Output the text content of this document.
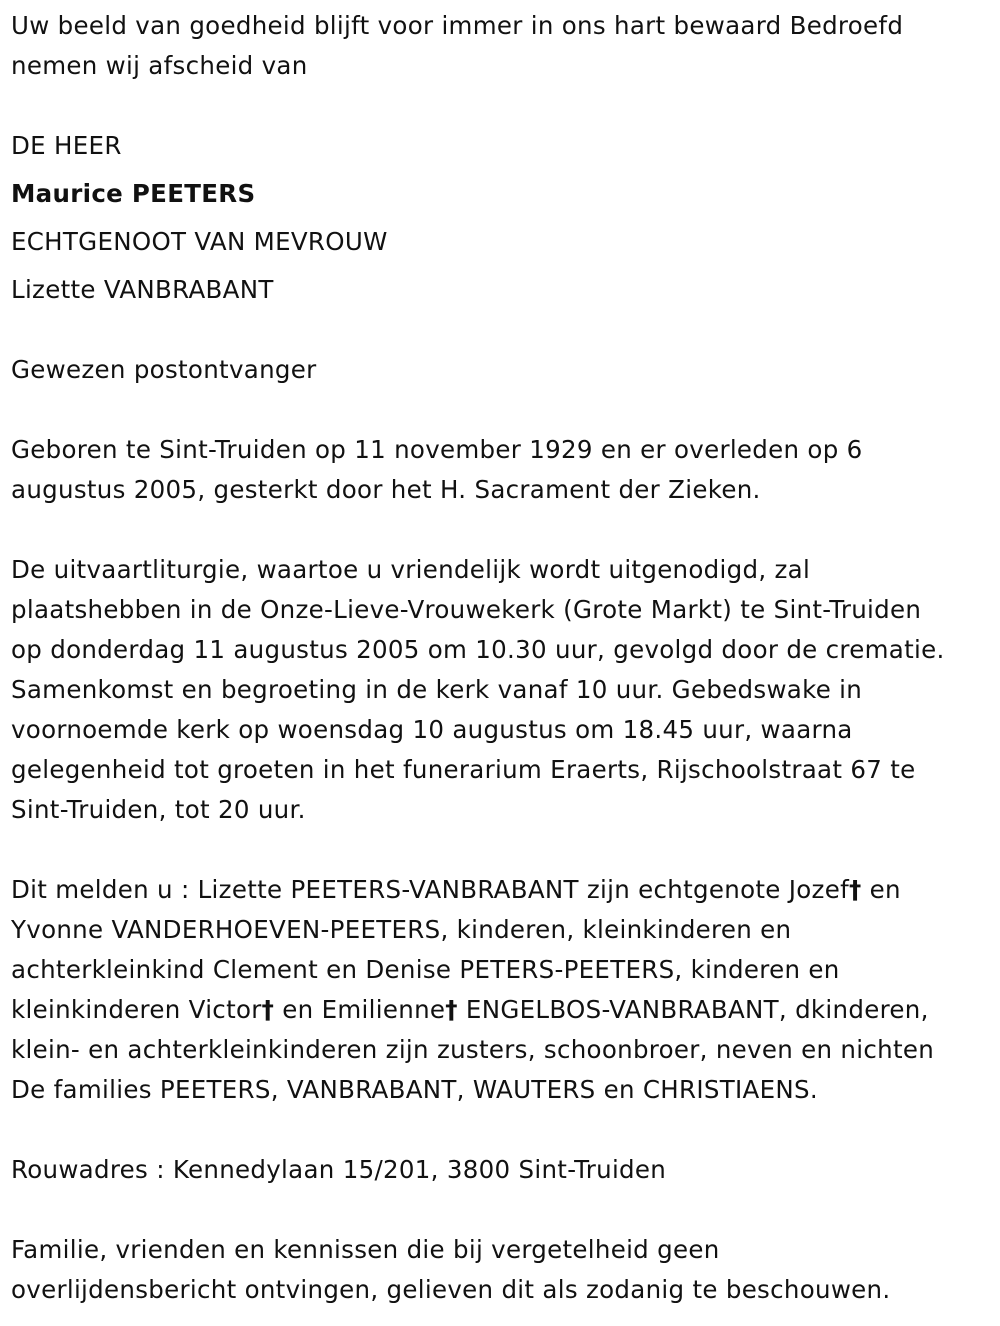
Uw beeld van goedheid blijft voor immer in ons hart bewaard Bedroefd
nemen wij afscheid van
DE HEER
Maurice PEETERS
ECHTGENOOT VAN MEVROUW
Lizette VANBRABANT
Gewezen postontvanger
Geboren te Sint-Truiden op 11 november 1929 en er overleden op 6
augustus 2005, gesterkt door het H. Sacrament der Zieken.
De uitvaartliturgie, waartoe u vriendelijk wordt uitgenodigd, zal
plaatshebben in de Onze-Lieve-Vrouwekerk (Grote Markt) te Sint-Truiden
op donderdag 11 augustus 2005 om 10.30 uur, gevolgd door de crematie.
Samenkomst en begroeting in de kerk vanaf 10 uur. Gebedswake in
voornoemde kerk op woensdag 10 augustus om 18.45 uur, waarna
gelegenheid tot groeten in het funerarium Eraerts, Rijschoolstraat 67 te
Sint-Truiden, tot 20 uur.
Dit melden u : Lizette PEETERS-VANBRABANT zijn echtgenote Jozef† en
Yvonne VANDERHOEVEN-PEETERS, kinderen, kleinkinderen en
achterkleinkind Clement en Denise PETERS-PEETERS, kinderen en
kleinkinderen Victor† en Emilienne† ENGELBOS-VANBRABANT, dkinderen,
klein- en achterkleinkinderen zijn zusters, schoonbroer, neven en nichten
De families PEETERS, VANBRABANT, WAUTERS en CHRISTIAENS.
Rouwadres : Kennedylaan 15/201, 3800 Sint-Truiden
Familie, vrienden en kennissen die bij vergetelheid geen
overlijdensbericht ontvingen, gelieven dit als zodanig te beschouwen.
